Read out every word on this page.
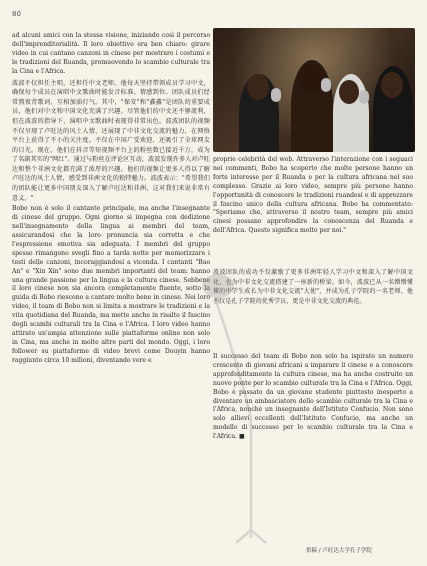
80

ad alcuni amici con la stessa visione, iniziando così il percorso dell'imprenditorialità. Il loro obiettivo era ben chiaro: girare video in cui cantano canzoni in cinese per mostrare i costumi e le tradizioni del Ruanda, promuovendo lo scambio culturale tra la Cina e l'Africa.

波波不仅担任主唱，还担任中文老师。他每天坚持带领成员学习中文，确保每个成员在演唱中文歌曲时能发音标准、情感到位。团队成员们经常熬夜背歌词，互相加油打气。其中，"保安"和"鑫鑫"是团队的重要成员，他们对中文和中国文化充满了兴趣。尽管他们的中文还不够流利，但在波波的指导下，演唱中文歌曲时表现得非常出色。波波团队的视频不仅呈现了卢旺达的风土人情，还展现了中非文化交流的魅力，在网络平台上获得了不小的关注度。不仅在中国广受欢迎，还吸引了全球网友的目光。现在，他们在抖音等短视频平台上的粉丝数已接近千万，成为了名副其实的"网红"。通过与粉丝在评论区互动，波波发现许多人对卢旺达和整个非洲文化都充满了浓厚的兴趣。他们的视频让更多人得以了解卢旺达的风土人情，感受到非洲文化的独特魅力。波波表示："希望我们的团队能让更多中国朋友深入了解卢旺达和非洲，这对我们来说非常有意义。"

Bobo non è solo il cantante principale, ma anche l'insegnante di cinese del gruppo. Ogni giorno si impegna con dedizione nell'insegnamento della lingua ai membri del team, assicurandosi che la loro pronuncia sia corretta e che l'espressione emotiva sia adeguata. I membri del gruppo spesso rimangono svegli fino a tarda notte per memorizzare i testi delle canzoni, incoraggiandosi a vicenda. I cantanti "Bao An" e "Xin Xin" sono due membri importanti del team: hanno una grande passione per la lingua e la cultura cinese. Sebbene il loro cinese non sia ancora completamente fluente, sotto la guida di Bobo riescono a cantare molto bene in cinese. Nei loro video, il team di Bobo non si limita a mostrare le tradizioni e la vita quotidiana del Ruanda, ma mette anche in risalto il fascino degli scambi culturali tra la Cina e l'Africa. I loro video hanno attirato un'ampia attenzione sulle piattaforme online non solo in Cina, ma anche in molte altre parti del mondo. Oggi, i loro follower su piattaforme di video brevi come Douyin hanno raggiunto circa 10 milioni, diventando vere e

proprie celebrità del web. Attraverso l'interazione con i seguaci nei commenti, Bobo ha scoperto che molte persone hanno un forte interesse per il Ruanda e per la cultura africana nel suo complesso. Grazie ai loro video, sempre più persone hanno l'opportunità di conoscere le tradizioni ruandesi e di apprezzare il fascino unico della cultura africana. Bobo ha commentato: "Speriamo che, attraverso il nostro team, sempre più amici cinesi possano approfondire la conoscenza del Ruanda e dell'Africa. Questo significa molto per noi."
波波团队的成功不仅激励了更多非洲年轻人学习中文和深入了解中国文化，也为中非文化交流搭建了一座新的桥梁。如今，波波已从一名懵懵懂懂的中学生成长为中非文化交流"大使"，并成为孔子学院的一名老师。他不仅是孔子学院的优秀学员，更是中非文化交流的典范。
Il successo del team di Bobo non solo ha ispirato un numero crescente di giovani africani a imparare il cinese e a conoscere approfonditamente la cultura cinese, ma ha anche costruito un nuovo ponte per lo scambio culturale tra la Cina e l'Africa. Oggi, Bobo è passato da un giovane studente piuttosto inesperto a diventare un ambasciatore dello scambio culturale tra la Cina e l'Africa, nonché un insegnante dell'Istituto Confucio. Non sono solo allievi eccellenti dell'Istituto Confucio, ma anche un modello di successo per lo scambio culturale tra la Cina e l'Africa. ■
供稿 / 卢旺达大学孔子学院
